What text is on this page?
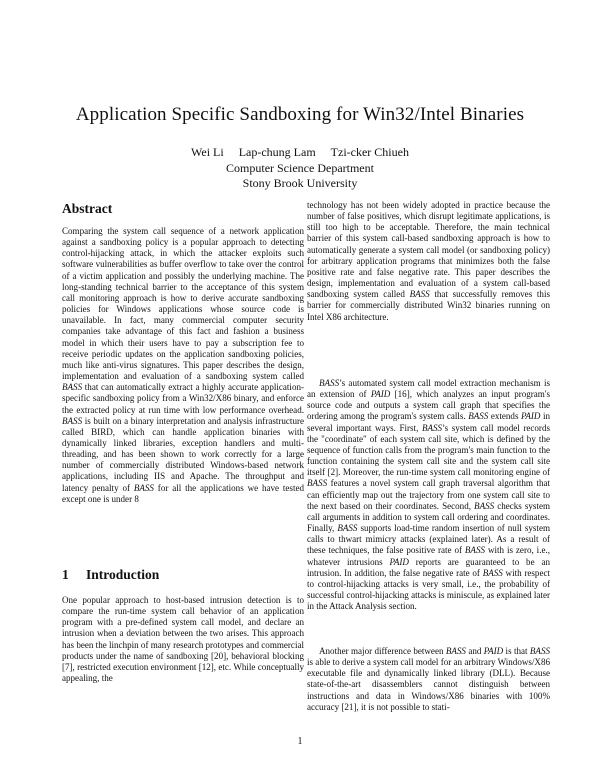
Application Specific Sandboxing for Win32/Intel Binaries
Wei Li Lap-chung Lam Tzi-cker Chiueh
Computer Science Department
Stony Brook University
Abstract

Comparing the system call sequence of a network application against a sandboxing policy is a popular approach to detecting control-hijacking attack, in which the attacker exploits such software vulnerabilities as buffer overflow to take over the control of a victim application and possibly the underlying machine. The long-standing technical barrier to the acceptance of this system call monitoring approach is how to derive accurate sandboxing policies for Windows applications whose source code is unavailable. In fact, many commercial computer security companies take advantage of this fact and fashion a business model in which their users have to pay a subscription fee to receive periodic updates on the application sandboxing policies, much like anti-virus signatures. This paper describes the design, implementation and evaluation of a sandboxing system called BASS that can automatically extract a highly accurate application-specific sandboxing policy from a Win32/X86 binary, and enforce the extracted policy at run time with low performance overhead. BASS is built on a binary interpretation and analysis infrastructure called BIRD, which can handle application binaries with dynamically linked libraries, exception handlers and multi-threading, and has been shown to work correctly for a large number of commercially distributed Windows-based network applications, including IIS and Apache. The throughput and latency penalty of BASS for all the applications we have tested except one is under 8

1 Introduction

One popular approach to host-based intrusion detection is to compare the run-time system call behavior of an application program with a pre-defined system call model, and declare an intrusion when a deviation between the two arises. This approach has been the linchpin of many research prototypes and commercial products under the name of sandboxing [20], behavioral blocking [7], restricted execution environment [12], etc. While conceptually appealing, the

technology has not been widely adopted in practice because the number of false positives, which disrupt legitimate applications, is still too high to be acceptable. Therefore, the main technical barrier of this system call-based sandboxing approach is how to automatically generate a system call model (or sandboxing policy) for arbitrary application programs that minimizes both the false positive rate and false negative rate. This paper describes the design, implementation and evaluation of a system call-based sandboxing system called BASS that successfully removes this barrier for commercially distributed Win32 binaries running on Intel X86 architecture.

BASS’s automated system call model extraction mechanism is an extension of PAID [16], which analyzes an input program's source code and outputs a system call graph that specifies the ordering among the program's system calls. BASS extends PAID in several important ways. First, BASS’s system call model records the "coordinate" of each system call site, which is defined by the sequence of function calls from the program's main function to the function containing the system call site and the system call site itself [2]. Moreover, the run-time system call monitoring engine of BASS features a novel system call graph traversal algorithm that can efficiently map out the trajectory from one system call site to the next based on their coordinates. Second, BASS checks system call arguments in addition to system call ordering and coordinates. Finally, BASS supports load-time random insertion of null system calls to thwart mimicry attacks (explained later). As a result of these techniques, the false positive rate of BASS with is zero, i.e., whatever intrusions PAID reports are guaranteed to be an intrusion. In addition, the false negative rate of BASS with respect to control-hijacking attacks is very small, i.e., the probability of successful control-hijacking attacks is miniscule, as explained later in the Attack Analysis section.

Another major difference between BASS and PAID is that BASS is able to derive a system call model for an arbitrary Windows/X86 executable file and dynamically linked library (DLL). Because state-of-the-art disassemblers cannot distinguish between instructions and data in Windows/X86 binaries with 100% accuracy [21], it is not possible to stati-

1
